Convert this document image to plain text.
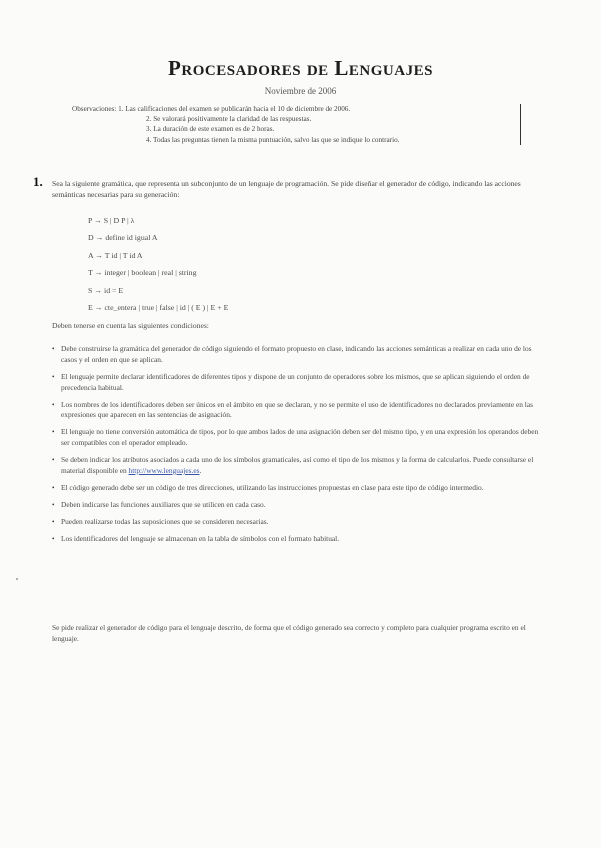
Procesadores de Lenguajes
Noviembre de 2006
Observaciones: 1. Las calificaciones del examen se publicarán hacia el 10 de diciembre de 2006.
2. Se valorará positivamente la claridad de las respuestas.
3. La duración de este examen es de 2 horas.
4. Todas las preguntas tienen la misma puntuación, salvo las que se indique lo contrario.
1. Sea la siguiente gramática, que representa un subconjunto de un lenguaje de programación. Se pide diseñar el generador de código, indicando las acciones semánticas necesarias para su generación:
P → S | D P | λ
D → define id igual A
A → T id | T id A
T → integer | boolean | real | string
S → id = E
E → cte_entera | true | false | id | ( E ) | E + E
Deben tenerse en cuenta las siguientes condiciones:
• Debe construirse la gramática del generador de código siguiendo el formato propuesto en clase, indicando las acciones semánticas a realizar en cada uno de los casos y el orden en que se aplican.
• El lenguaje permite declarar identificadores de diferentes tipos y dispone de un conjunto de operadores sobre los mismos, que se aplican siguiendo el orden de precedencia habitual.
• Los nombres de los identificadores deben ser únicos en el ámbito en que se declaran, y no se permite el uso de identificadores no declarados previamente en las expresiones que aparecen en las sentencias de asignación.
• El lenguaje no tiene conversión automática de tipos, por lo que ambos lados de una asignación deben ser del mismo tipo, y en una expresión los operandos deben ser compatibles con el operador empleado.
• Se deben indicar los atributos asociados a cada uno de los símbolos gramaticales, así como el tipo de los mismos y la forma de calcularlos. Puede consultarse el material disponible en http://www.lenguajes.es.
• El código generado debe ser un código de tres direcciones, utilizando las instrucciones propuestas en clase para este tipo de código intermedio.
• Deben indicarse las funciones auxiliares que se utilicen en cada caso.
• Pueden realizarse todas las suposiciones que se consideren necesarias.
• Los identificadores del lenguaje se almacenan en la tabla de símbolos con el formato habitual.
Se pide realizar el generador de código para el lenguaje descrito, de forma que el código generado sea correcto y completo para cualquier programa escrito en el lenguaje.
